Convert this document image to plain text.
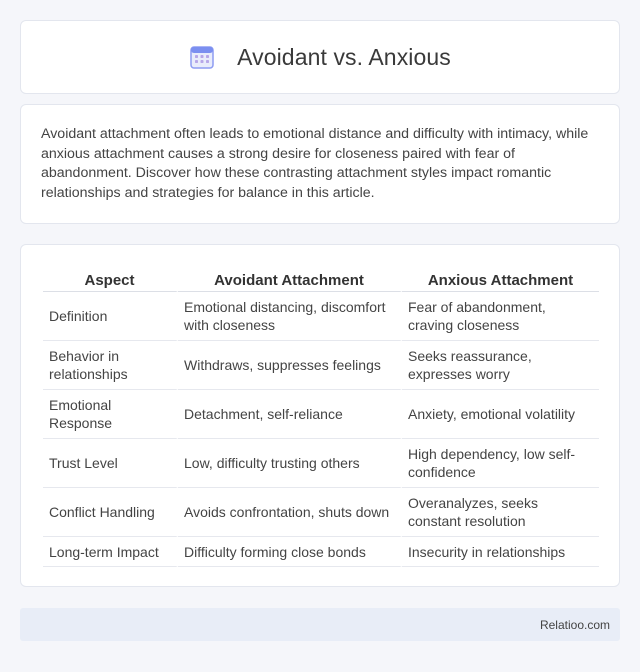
Avoidant vs. Anxious

Avoidant attachment often leads to emotional distance and difficulty with intimacy, while anxious attachment causes a strong desire for closeness paired with fear of abandonment. Discover how these contrasting attachment styles impact romantic relationships and strategies for balance in this article.

Aspect	Avoidant Attachment	Anxious Attachment
Definition	Emotional distancing, discomfort with closeness	Fear of abandonment, craving closeness
Behavior in relationships	Withdraws, suppresses feelings	Seeks reassurance, expresses worry
Emotional Response	Detachment, self-reliance	Anxiety, emotional volatility
Trust Level	Low, difficulty trusting others	High dependency, low self-confidence
Conflict Handling	Avoids confrontation, shuts down	Overanalyzes, seeks constant resolution
Long-term Impact	Difficulty forming close bonds	Insecurity in relationships
Relatioo.com
